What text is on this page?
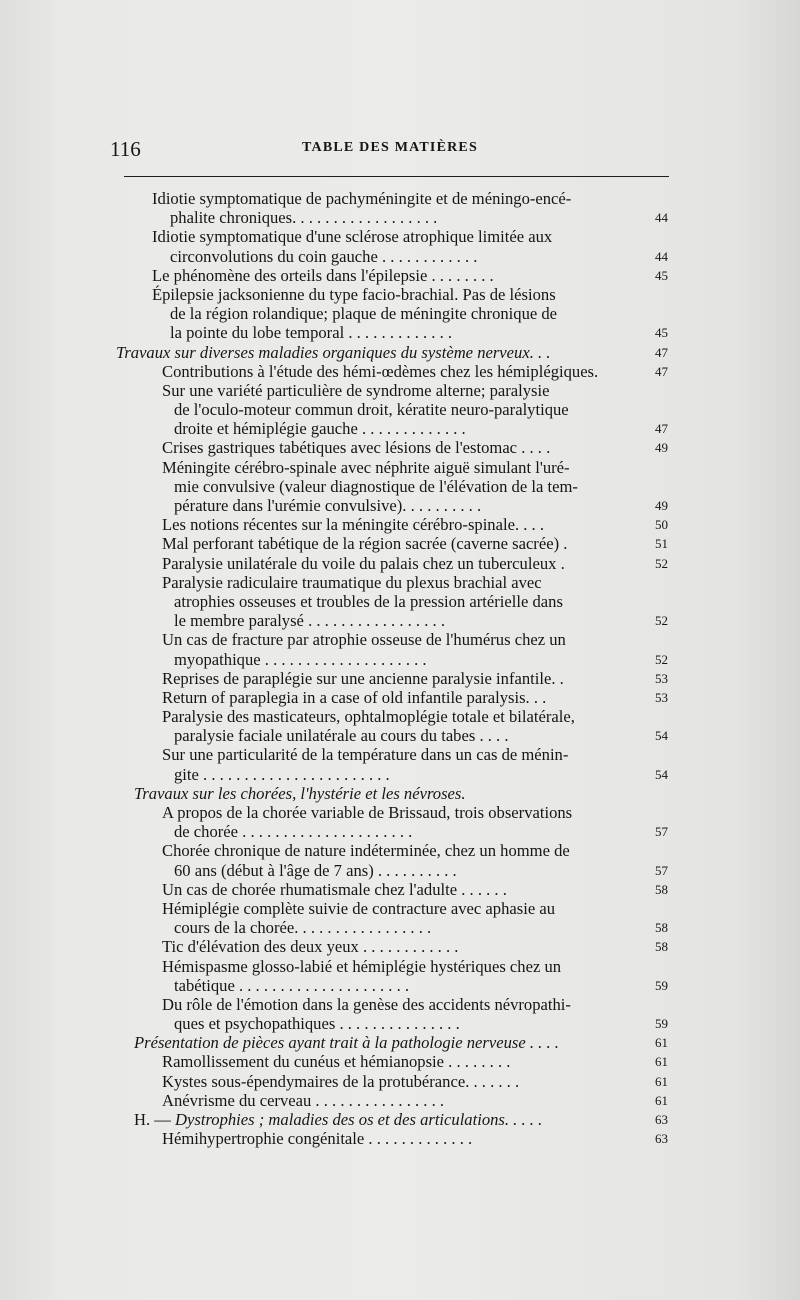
116	TABLE DES MATIÈRES
Idiotie symptomatique de pachyméningite et de méningo-encé-
phalite chroniques. . . . . . . . . . . . . . . . . .	44
Idiotie symptomatique d'une sclérose atrophique limitée aux
circonvolutions du coin gauche . . . . . . . . . . . .	44
Le phénomène des orteils dans l'épilepsie . . . . . . . .	45
Épilepsie jacksonienne du type facio-brachial. Pas de lésions
de la région rolandique; plaque de méningite chronique de
la pointe du lobe temporal . . . . . . . . . . . . .	45
Travaux sur diverses maladies organiques du système nerveux. . .	47
Contributions à l'étude des hémi-œdèmes chez les hémiplégiques.	47
Sur une variété particulière de syndrome alterne; paralysie
de l'oculo-moteur commun droit, kératite neuro-paralytique
droite et hémiplégie gauche . . . . . . . . . . . . .	47
Crises gastriques tabétiques avec lésions de l'estomac . . . .	49
Méningite cérébro-spinale avec néphrite aiguë simulant l'uré-
mie convulsive (valeur diagnostique de l'élévation de la tem-
pérature dans l'urémie convulsive). . . . . . . . . .	49
Les notions récentes sur la méningite cérébro-spinale. . . .	50
Mal perforant tabétique de la région sacrée (caverne sacrée) .	51
Paralysie unilatérale du voile du palais chez un tuberculeux .	52
Paralysie radiculaire traumatique du plexus brachial avec
atrophies osseuses et troubles de la pression artérielle dans
le membre paralysé . . . . . . . . . . . . . . . . .	52
Un cas de fracture par atrophie osseuse de l'humérus chez un
myopathique . . . . . . . . . . . . . . . . . . . .	52
Reprises de paraplégie sur une ancienne paralysie infantile. .	53
Return of paraplegia in a case of old infantile paralysis. . .	53
Paralysie des masticateurs, ophtalmoplégie totale et bilatérale,
paralysie faciale unilatérale au cours du tabes . . . .	54
Sur une particularité de la température dans un cas de ménin-
gite . . . . . . . . . . . . . . . . . . . . . . .	54
Travaux sur les chorées, l'hystérie et les névroses.
A propos de la chorée variable de Brissaud, trois observations
de chorée . . . . . . . . . . . . . . . . . . . . .	57
Chorée chronique de nature indéterminée, chez un homme de
60 ans (début à l'âge de 7 ans) . . . . . . . . . .	57
Un cas de chorée rhumatismale chez l'adulte . . . . . .	58
Hémiplégie complète suivie de contracture avec aphasie au
cours de la chorée. . . . . . . . . . . . . . . . .	58
Tic d'élévation des deux yeux . . . . . . . . . . . .	58
Hémispasme glosso-labié et hémiplégie hystériques chez un
tabétique . . . . . . . . . . . . . . . . . . . . .	59
Du rôle de l'émotion dans la genèse des accidents névropathi-
ques et psychopathiques . . . . . . . . . . . . . . .	59
Présentation de pièces ayant trait à la pathologie nerveuse . . . .	61
Ramollissement du cunéus et hémianopsie . . . . . . . .	61
Kystes sous-épendymaires de la protubérance. . . . . . .	61
Anévrisme du cerveau . . . . . . . . . . . . . . . .	61
H. — Dystrophies ; maladies des os et des articulations. . . . .	63
Hémihypertrophie congénitale . . . . . . . . . . . . .	63
